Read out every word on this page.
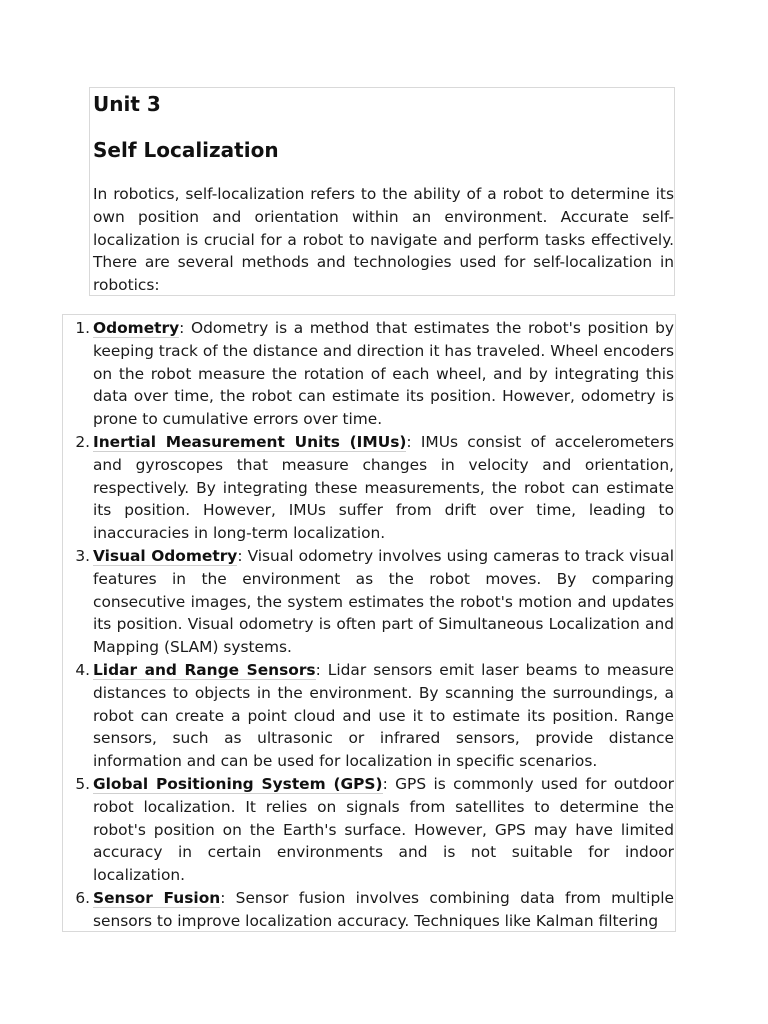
Unit 3
Self Localization

In robotics, self-localization refers to the ability of a robot to determine its own position and orientation within an environment. Accurate self-localization is crucial for a robot to navigate and perform tasks effectively. There are several methods and technologies used for self-localization in robotics:

1. Odometry: Odometry is a method that estimates the robot's position by keeping track of the distance and direction it has traveled. Wheel encoders on the robot measure the rotation of each wheel, and by integrating this data over time, the robot can estimate its position. However, odometry is prone to cumulative errors over time.
2. Inertial Measurement Units (IMUs): IMUs consist of accelerometers and gyroscopes that measure changes in velocity and orientation, respectively. By integrating these measurements, the robot can estimate its position. However, IMUs suffer from drift over time, leading to inaccuracies in long-term localization.
3. Visual Odometry: Visual odometry involves using cameras to track visual features in the environment as the robot moves. By comparing consecutive images, the system estimates the robot's motion and updates its position. Visual odometry is often part of Simultaneous Localization and Mapping (SLAM) systems.
4. Lidar and Range Sensors: Lidar sensors emit laser beams to measure distances to objects in the environment. By scanning the surroundings, a robot can create a point cloud and use it to estimate its position. Range sensors, such as ultrasonic or infrared sensors, provide distance information and can be used for localization in specific scenarios.
5. Global Positioning System (GPS): GPS is commonly used for outdoor robot localization. It relies on signals from satellites to determine the robot's position on the Earth's surface. However, GPS may have limited accuracy in certain environments and is not suitable for indoor localization.
6. Sensor Fusion: Sensor fusion involves combining data from multiple sensors to improve localization accuracy. Techniques like Kalman filtering
